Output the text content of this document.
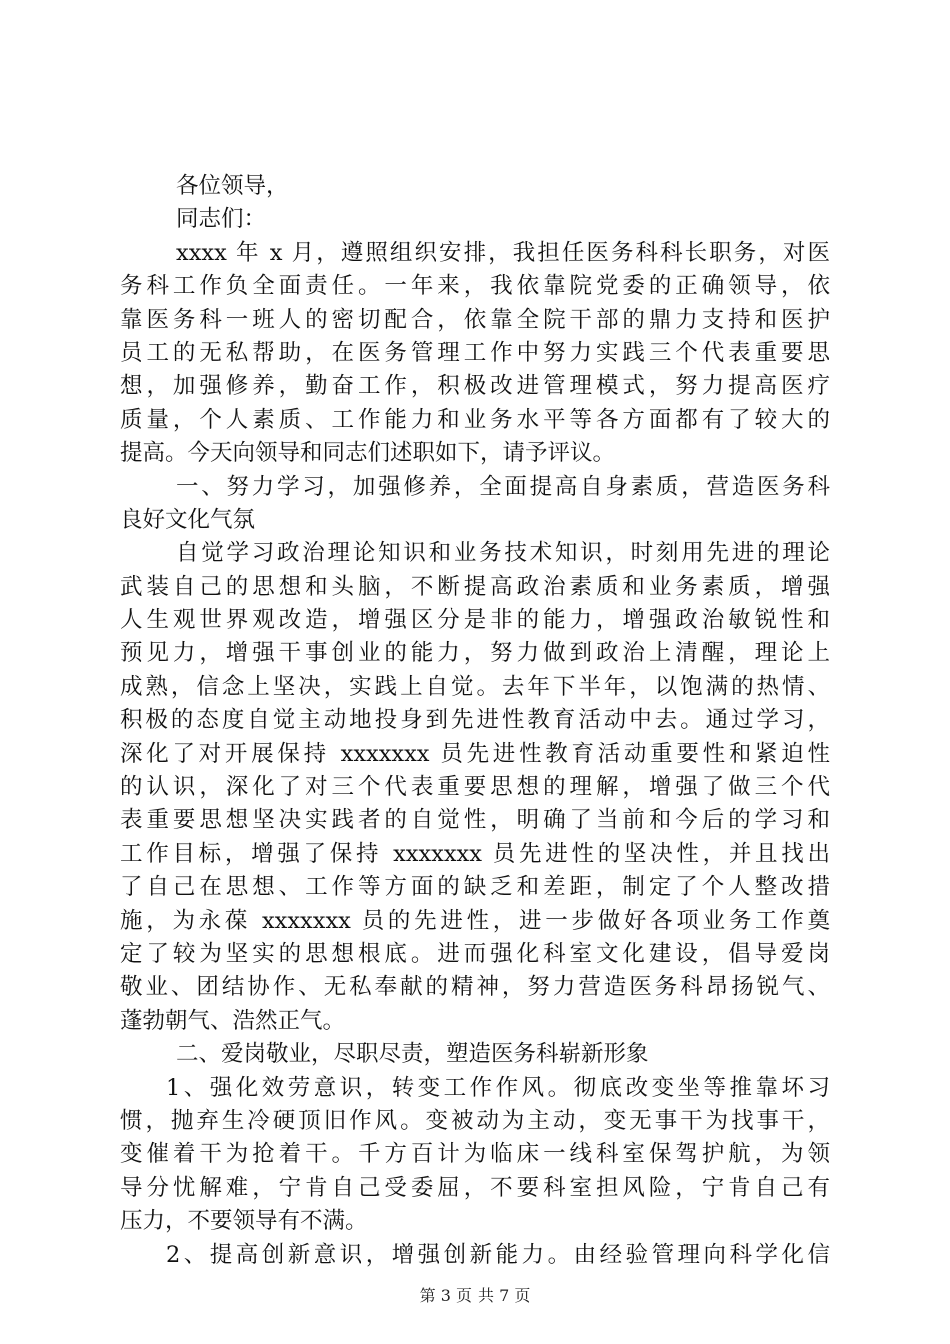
各位领导，
同志们：
xxxx 年 x 月，遵照组织安排，我担任医务科科长职务，对医
务科工作负全面责任。一年来，我依靠院党委的正确领导，依
靠医务科一班人的密切配合，依靠全院干部的鼎力支持和医护
员工的无私帮助，在医务管理工作中努力实践三个代表重要思
想，加强修养，勤奋工作，积极改进管理模式，努力提高医疗
质量，个人素质、工作能力和业务水平等各方面都有了较大的
提高。今天向领导和同志们述职如下，请予评议。
一、努力学习，加强修养，全面提高自身素质，营造医务科
良好文化气氛
自觉学习政治理论知识和业务技术知识，时刻用先进的理论
武装自己的思想和头脑，不断提高政治素质和业务素质，增强
人生观世界观改造，增强区分是非的能力，增强政治敏锐性和
预见力，增强干事创业的能力，努力做到政治上清醒，理论上
成熟，信念上坚决，实践上自觉。去年下半年，以饱满的热情、
积极的态度自觉主动地投身到先进性教育活动中去。通过学习，
深化了对开展保持 xxxxxxx 员先进性教育活动重要性和紧迫性
的认识，深化了对三个代表重要思想的理解，增强了做三个代
表重要思想坚决实践者的自觉性，明确了当前和今后的学习和
工作目标，增强了保持 xxxxxxx 员先进性的坚决性，并且找出
了自己在思想、工作等方面的缺乏和差距，制定了个人整改措
施，为永葆 xxxxxxx 员的先进性，进一步做好各项业务工作奠
定了较为坚实的思想根底。进而强化科室文化建设，倡导爱岗
敬业、团结协作、无私奉献的精神，努力营造医务科昂扬锐气、
蓬勃朝气、浩然正气。
二、爱岗敬业，尽职尽责，塑造医务科崭新形象
1、强化效劳意识，转变工作作风。彻底改变坐等推靠坏习
惯，抛弃生冷硬顶旧作风。变被动为主动，变无事干为找事干，
变催着干为抢着干。千方百计为临床一线科室保驾护航，为领
导分忧解难，宁肯自己受委屈，不要科室担风险，宁肯自己有
压力，不要领导有不满。
2、提高创新意识，增强创新能力。由经验管理向科学化信
第 3 页 共 7 页
